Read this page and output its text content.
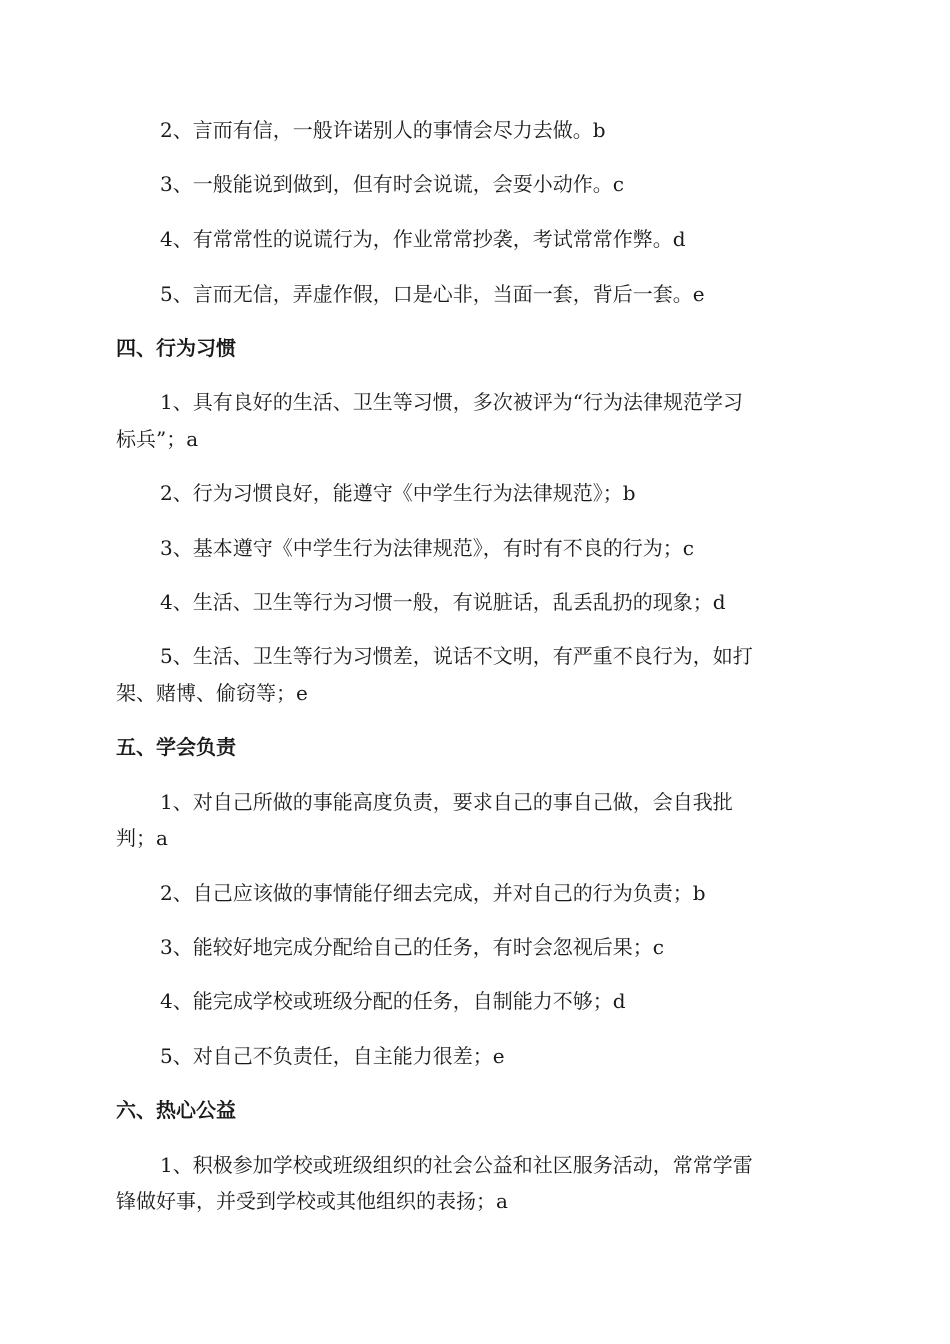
2、言而有信，一般许诺别人的事情会尽力去做。b
3、一般能说到做到，但有时会说谎，会耍小动作。c
4、有常常性的说谎行为，作业常常抄袭，考试常常作弊。d
5、言而无信，弄虚作假，口是心非，当面一套，背后一套。e
四、行为习惯
1、具有良好的生活、卫生等习惯，多次被评为“行为法律规范学习
标兵”；a
2、行为习惯良好，能遵守《中学生行为法律规范》；b
3、基本遵守《中学生行为法律规范》，有时有不良的行为；c
4、生活、卫生等行为习惯一般，有说脏话，乱丢乱扔的现象；d
5、生活、卫生等行为习惯差，说话不文明，有严重不良行为，如打
架、赌博、偷窃等；e
五、学会负责
1、对自己所做的事能高度负责，要求自己的事自己做，会自我批
判；a
2、自己应该做的事情能仔细去完成，并对自己的行为负责；b
3、能较好地完成分配给自己的任务，有时会忽视后果；c
4、能完成学校或班级分配的任务，自制能力不够；d
5、对自己不负责任，自主能力很差；e
六、热心公益
1、积极参加学校或班级组织的社会公益和社区服务活动，常常学雷
锋做好事，并受到学校或其他组织的表扬；a
